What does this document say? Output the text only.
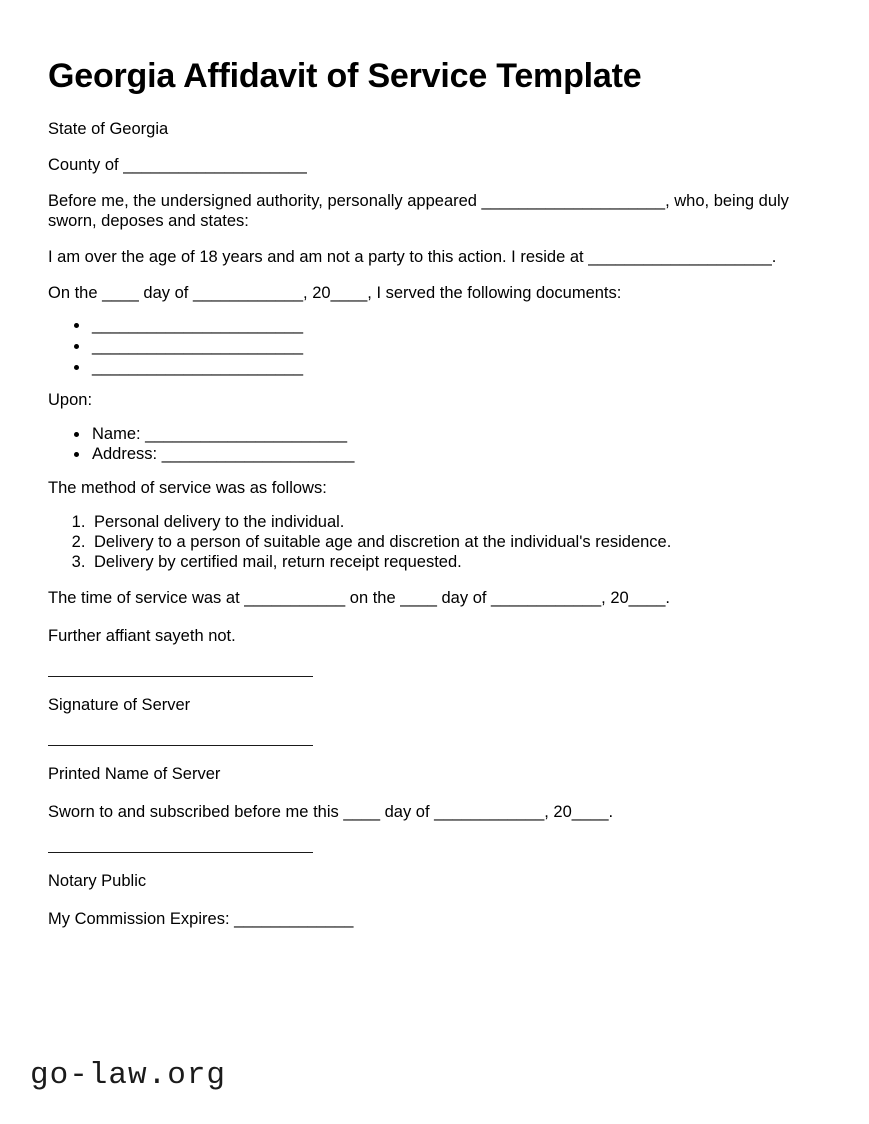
Georgia Affidavit of Service Template

State of Georgia

County of ____________________

Before me, the undersigned authority, personally appeared ____________________, who, being duly sworn, deposes and states:

I am over the age of 18 years and am not a party to this action. I reside at ____________________.

On the ____ day of ____________, 20____, I served the following documents:

• _______________________
• _______________________
• _______________________

Upon:

• Name: ______________________
• Address: _____________________

The method of service was as follows:

1. Personal delivery to the individual.
2. Delivery to a person of suitable age and discretion at the individual's residence.
3. Delivery by certified mail, return receipt requested.

The time of service was at ___________ on the ____ day of ____________, 20____.

Further affiant sayeth not.

Signature of Server

Printed Name of Server

Sworn to and subscribed before me this ____ day of ____________, 20____.

Notary Public

My Commission Expires: _____________

go-law.org
